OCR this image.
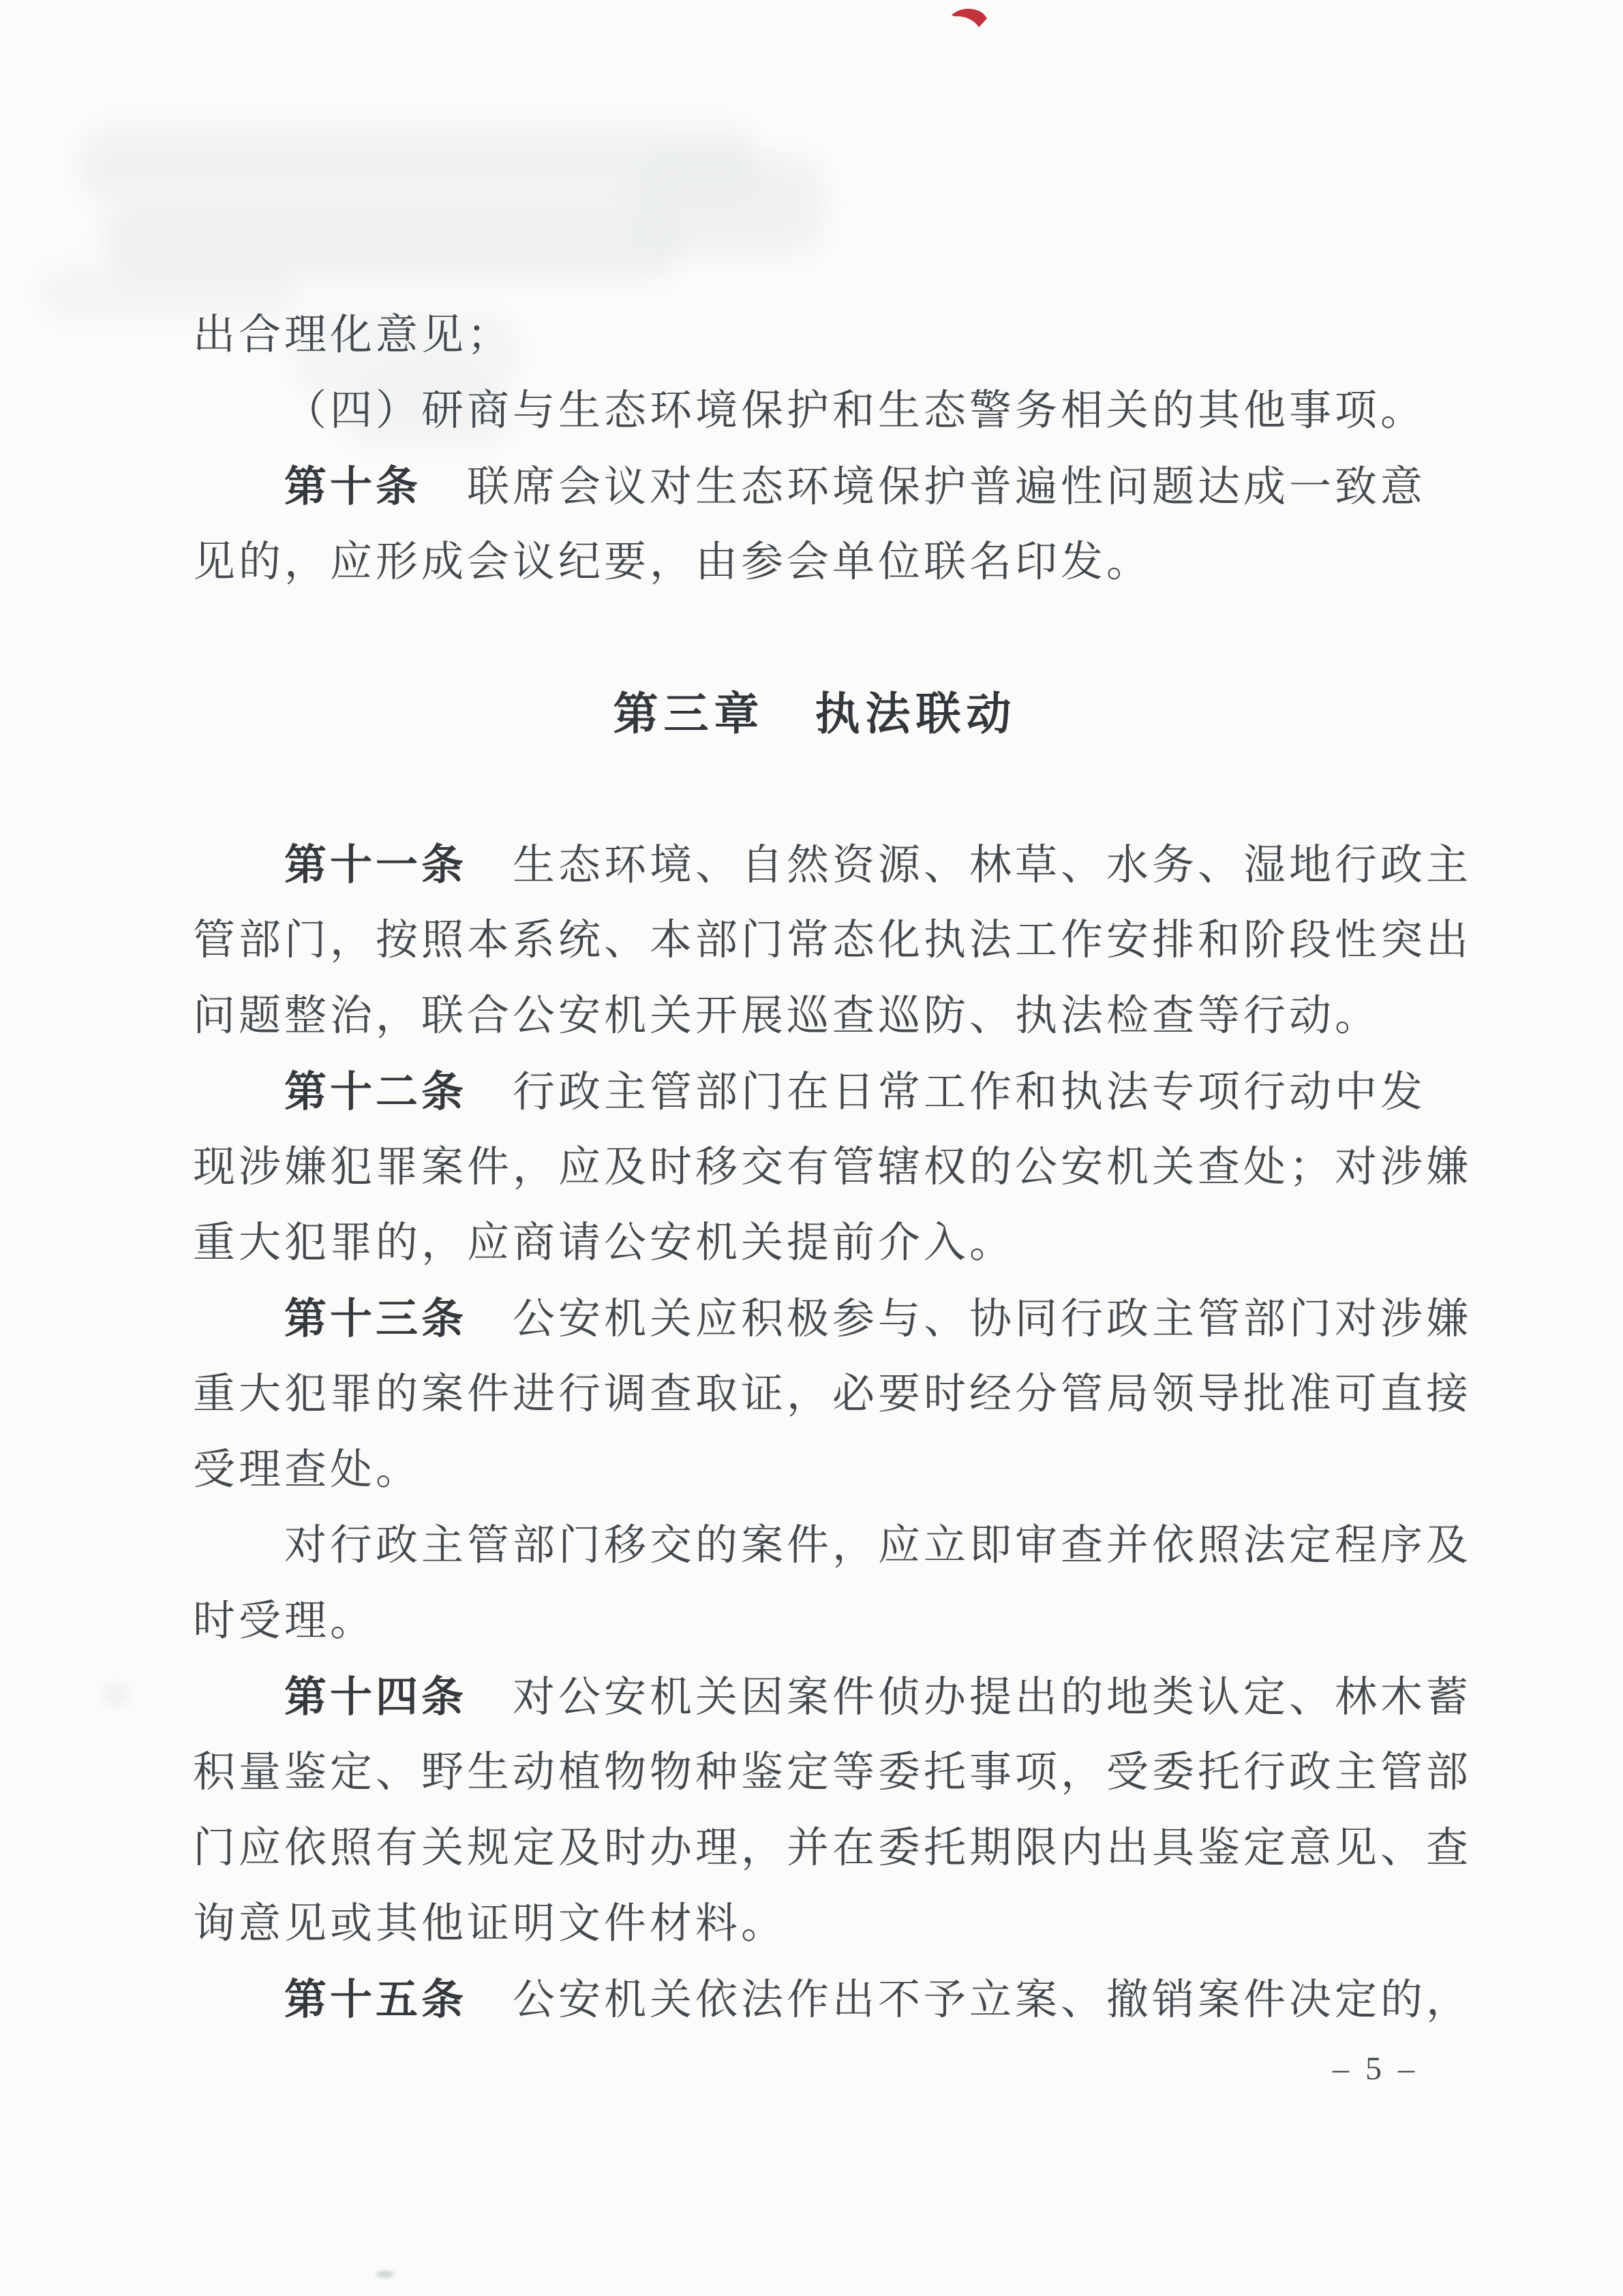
出合理化意见；
（四）研商与生态环境保护和生态警务相关的其他事项。
第十条　联席会议对生态环境保护普遍性问题达成一致意
见的，应形成会议纪要，由参会单位联名印发。
第三章　执法联动
第十一条　生态环境、自然资源、林草、水务、湿地行政主
管部门，按照本系统、本部门常态化执法工作安排和阶段性突出
问题整治，联合公安机关开展巡查巡防、执法检查等行动。
第十二条　行政主管部门在日常工作和执法专项行动中发
现涉嫌犯罪案件，应及时移交有管辖权的公安机关查处；对涉嫌
重大犯罪的，应商请公安机关提前介入。
第十三条　公安机关应积极参与、协同行政主管部门对涉嫌
重大犯罪的案件进行调查取证，必要时经分管局领导批准可直接
受理查处。
对行政主管部门移交的案件，应立即审查并依照法定程序及
时受理。
第十四条　对公安机关因案件侦办提出的地类认定、林木蓄
积量鉴定、野生动植物物种鉴定等委托事项，受委托行政主管部
门应依照有关规定及时办理，并在委托期限内出具鉴定意见、查
询意见或其他证明文件材料。
第十五条　公安机关依法作出不予立案、撤销案件决定的，
– 5 –
